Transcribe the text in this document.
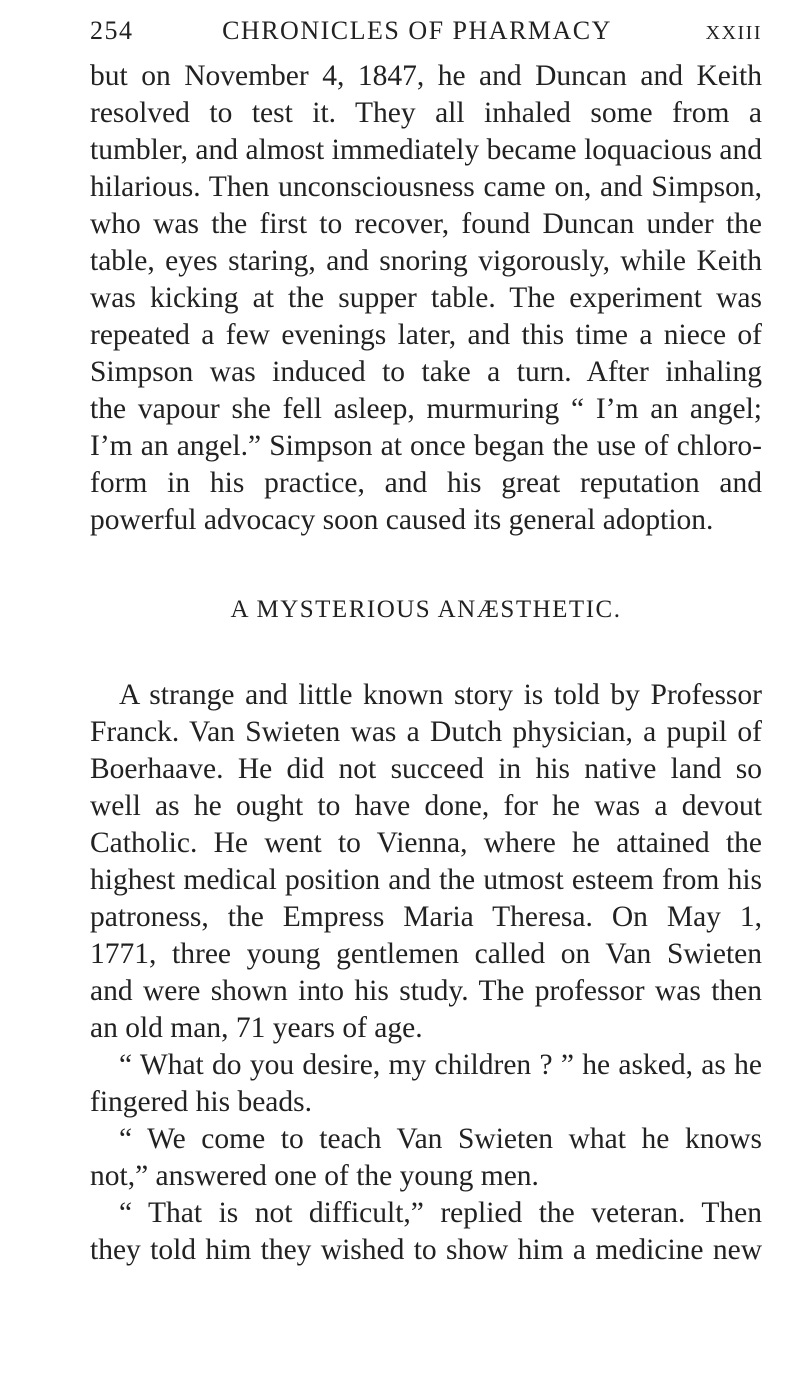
254	CHRONICLES OF PHARMACY	XXIII
but on November 4, 1847, he and Duncan and Keith
resolved to test it. They all inhaled some from a
tumbler, and almost immediately became loquacious and
hilarious. Then unconsciousness came on, and Simpson,
who was the first to recover, found Duncan under the
table, eyes staring, and snoring vigorously, while Keith
was kicking at the supper table. The experiment was
repeated a few evenings later, and this time a niece of
Simpson was induced to take a turn. After inhaling
the vapour she fell asleep, murmuring “ I’m an angel;
I’m an angel.” Simpson at once began the use of chloro-
form in his practice, and his great reputation and
powerful advocacy soon caused its general adoption.
A MYSTERIOUS ANÆSTHETIC.
A strange and little known story is told by Professor
Franck. Van Swieten was a Dutch physician, a pupil of
Boerhaave. He did not succeed in his native land so
well as he ought to have done, for he was a devout
Catholic. He went to Vienna, where he attained the
highest medical position and the utmost esteem from his
patroness, the Empress Maria Theresa. On May 1,
1771, three young gentlemen called on Van Swieten
and were shown into his study. The professor was then
an old man, 71 years of age.
“ What do you desire, my children ? ” he asked, as he
fingered his beads.
“ We come to teach Van Swieten what he knows
not,” answered one of the young men.
“ That is not difficult,” replied the veteran. Then
they told him they wished to show him a medicine new
